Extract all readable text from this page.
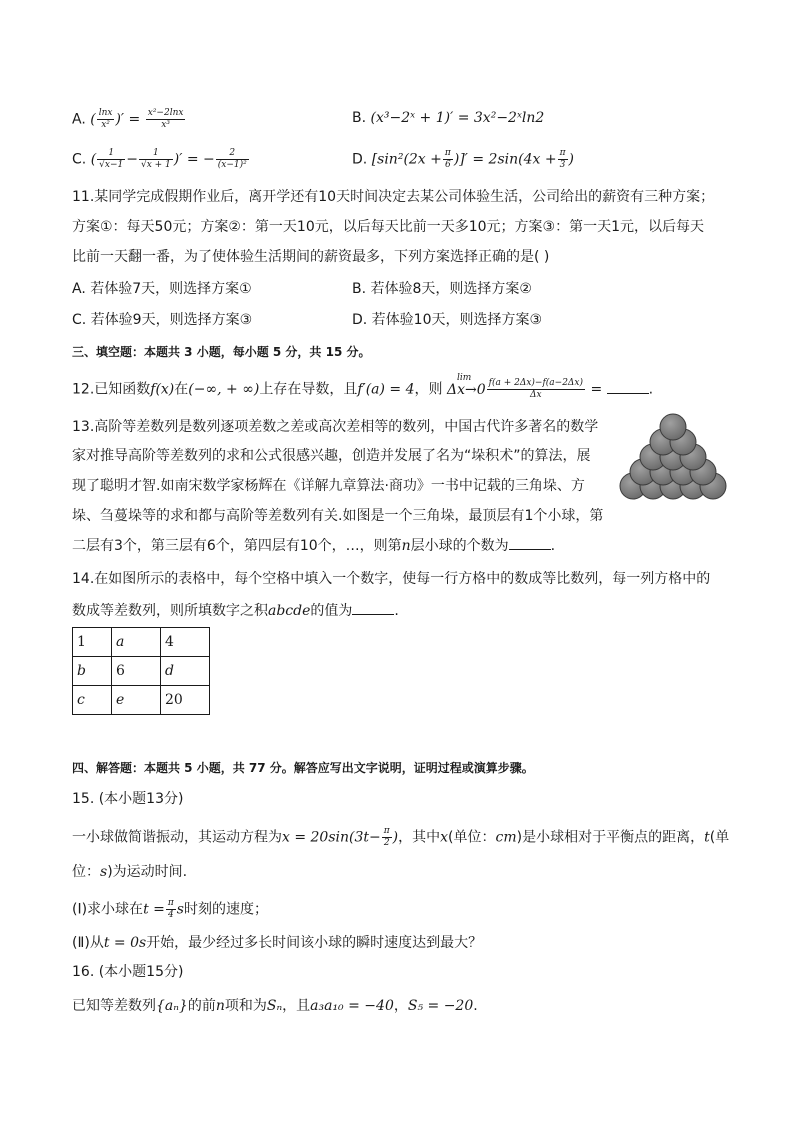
A. ( $\frac{\ln x}{\text{x²}}$ )′ = $\frac{\text{x²−2lnx}}{\text{x³}}$	B. (x³−2ˣ + 1)′ = 3x²−2ˣln2
C. ( $\frac{1}{√x-1} - \frac{1}{√x + 1}$ )′ = − $\frac{2}{\text{(x−1)²}}$	D. [$\sin^2(2x + \frac{\pi}{6}$ )]′ = $2\sin(4x + \frac{\pi}{3}$ )
11.某同学完成假期作业后，离开学还有10天时间决定去某公司体验生活，公司给出的薪资有三种方案；
方案①：每天50元；方案②：第一天10元，以后每天比前一天多10元；方案③：第一天1元，以后每天
比前一天翻一番，为了使体验生活期间的薪资最多，下列方案选择正确的是( )
A. 若体验7天，则选择方案①	B. 若体验8天，则选择方案②
C. 若体验9天，则选择方案③	D. 若体验10天，则选择方案③
三、填空题：本题共 3 小题，每小题 5 分，共 15 分。
12.已知函数f(x)在(−∞, + ∞)上存在导数，且f′(a) = 4，则
lim
$\Delta x\to 0 \frac{f(a + 2\Delta x)-f(a-2\Delta x)}{\Delta x}$ =	.
13.高阶等差数列是数列逐项差数之差或高次差相等的数列，中国古代许多著名的数学
家对推导高阶等差数列的求和公式很感兴趣，创造并发展了名为“垛积术”的算法，展
现了聪明才智.如南宋数学家杨辉在《详解九章算法·商功》一书中记载的三角垛、方
垛、刍蔓垛等的求和都与高阶等差数列有关.如图是一个三角垛，最顶层有1个小球，第
二层有3个，第三层有6个，第四层有10个，…，则第n层小球的个数为	.
14.在如图所示的表格中，每个空格中填入一个数字，使每一行方格中的数成等比数列，每一列方格中的
数成等差数列，则所填数字之积abcde的值为	.
1	a	4
b	6	d
c	e	20
四、解答题：本题共 5 小题，共 77 分。解答应写出文字说明，证明过程或演算步骤。
15. (本小题13分)
一小球做简谐振动，其运动方程为$x = 20\sin(3t- \frac{\pi}{2}$ )，其中x(单位：cm)是小球相对于平衡点的距离，t(单
位：s)为运动时间.
(Ⅰ)求小球在$t = \frac{\pi}{4}$ s时刻的速度；
(Ⅱ)从t = 0s开始，最少经过多长时间该小球的瞬时速度达到最大？
16. (本小题15分)
已知等差数列{aₙ}的前n项和为Sₙ，且a₃a₁₀ = −40，S₅ = −20.
